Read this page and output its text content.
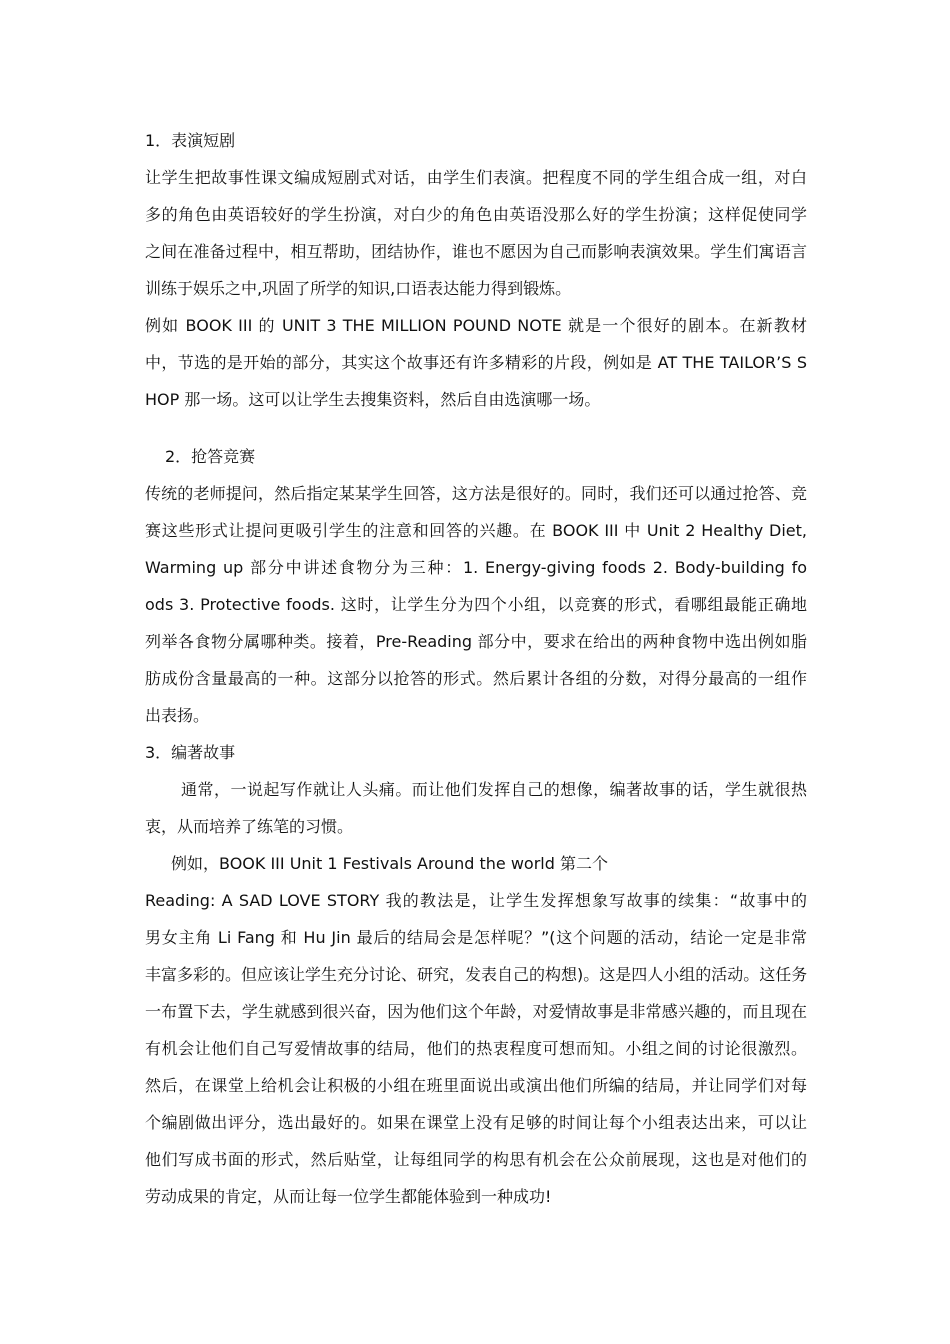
1．表演短剧
让学生把故事性课文编成短剧式对话，由学生们表演。把程度不同的学生组合成一组，对白
多的角色由英语较好的学生扮演，对白少的角色由英语没那么好的学生扮演；这样促使同学
之间在准备过程中，相互帮助，团结协作，谁也不愿因为自己而影响表演效果。学生们寓语言
训练于娱乐之中,巩固了所学的知识,口语表达能力得到锻炼。
例如 BOOK III 的 UNIT 3 THE MILLION POUND NOTE 就是一个很好的剧本。在新教材
中，节选的是开始的部分，其实这个故事还有许多精彩的片段，例如是 AT THE TAILOR’S S
HOP 那一场。这可以让学生去搜集资料，然后自由选演哪一场。
2．抢答竞赛
传统的老师提问，然后指定某某学生回答，这方法是很好的。同时，我们还可以通过抢答、竞
赛这些形式让提问更吸引学生的注意和回答的兴趣。在 BOOK III 中 Unit 2 Healthy Diet,
Warming up 部分中讲述食物分为三种：1. Energy-giving foods 2. Body-building fo
ods 3. Protective foods. 这时，让学生分为四个小组，以竞赛的形式，看哪组最能正确地
列举各食物分属哪种类。接着，Pre-Reading 部分中，要求在给出的两种食物中选出例如脂
肪成份含量最高的一种。这部分以抢答的形式。然后累计各组的分数，对得分最高的一组作
出表扬。
3．编著故事
通常，一说起写作就让人头痛。而让他们发挥自己的想像，编著故事的话，学生就很热
衷，从而培养了练笔的习惯。
例如，BOOK III Unit 1 Festivals Around the world 第二个
Reading: A SAD LOVE STORY 我的教法是，让学生发挥想象写故事的续集：“故事中的
男女主角 Li Fang 和 Hu Jin 最后的结局会是怎样呢？”(这个问题的活动，结论一定是非常
丰富多彩的。但应该让学生充分讨论、研究，发表自己的构想)。这是四人小组的活动。这任务
一布置下去，学生就感到很兴奋，因为他们这个年龄，对爱情故事是非常感兴趣的，而且现在
有机会让他们自己写爱情故事的结局，他们的热衷程度可想而知。小组之间的讨论很激烈。
然后，在课堂上给机会让积极的小组在班里面说出或演出他们所编的结局，并让同学们对每
个编剧做出评分，选出最好的。如果在课堂上没有足够的时间让每个小组表达出来，可以让
他们写成书面的形式，然后贴堂，让每组同学的构思有机会在公众前展现，这也是对他们的
劳动成果的肯定，从而让每一位学生都能体验到一种成功!
